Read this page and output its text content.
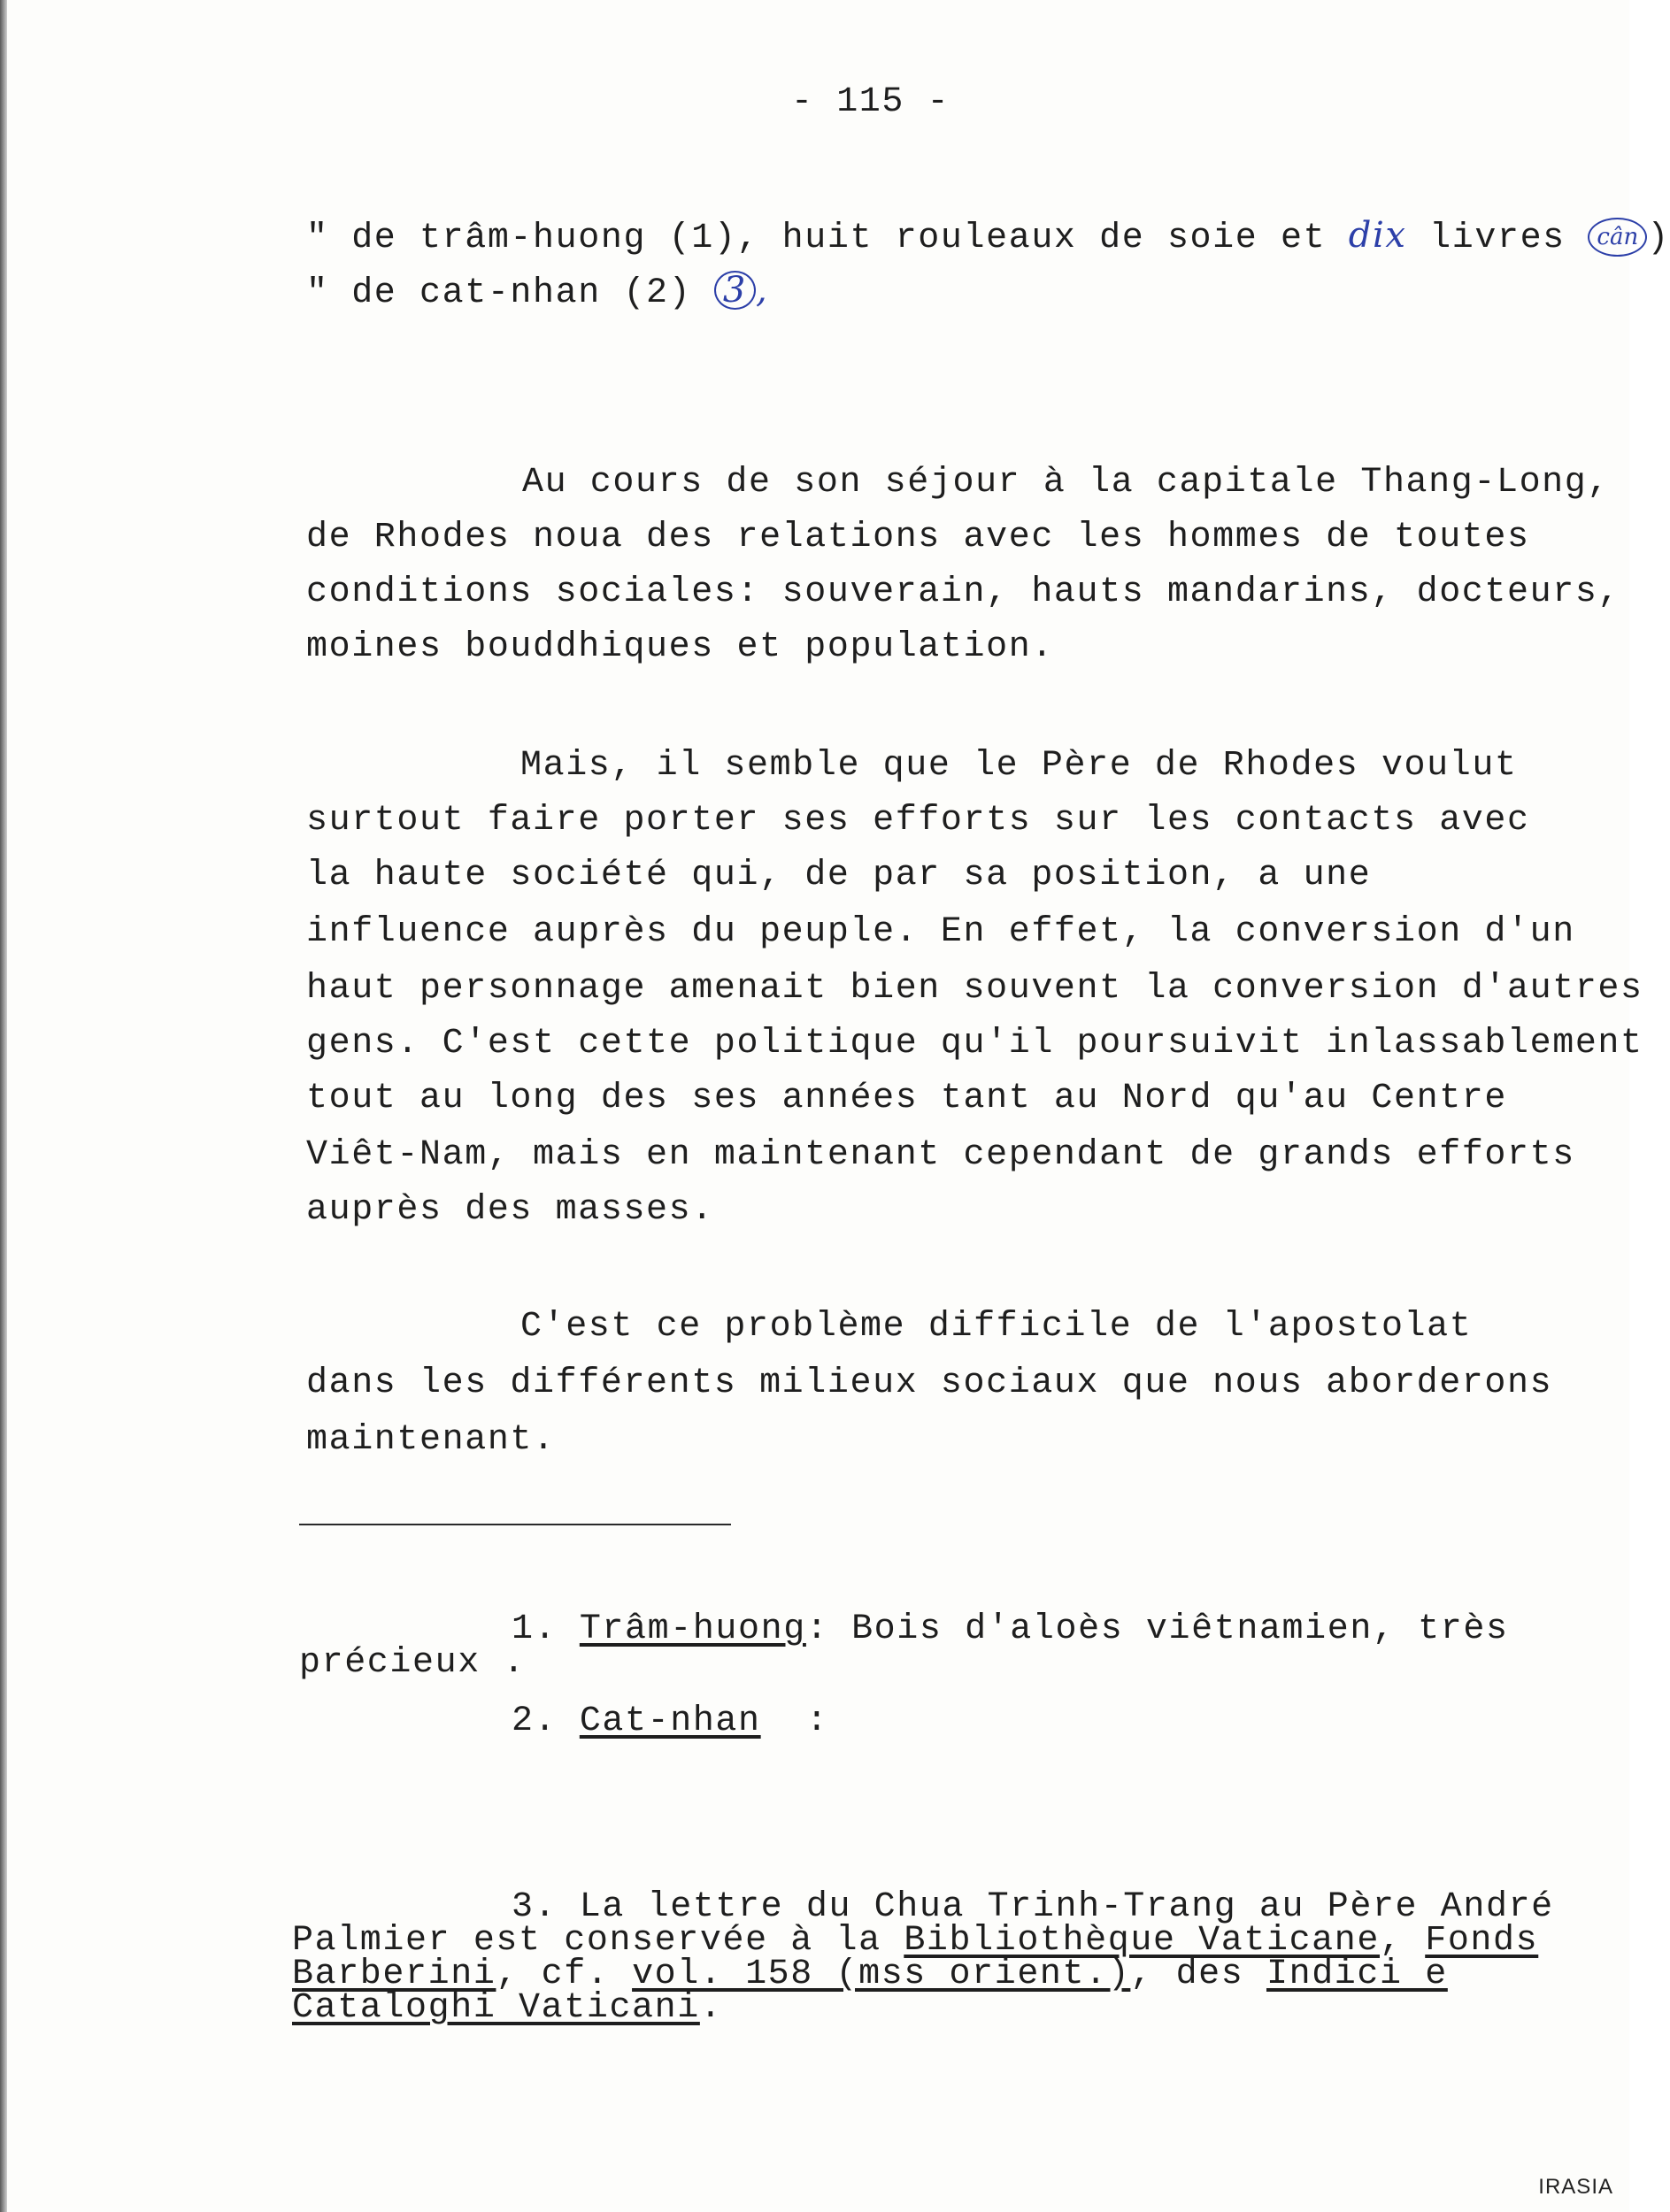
- 115 -
" de trâm-huong (1), huit rouleaux de soie et dix livres cân )
" de cat-nhan (2) 3 ,
Au cours de son séjour à la capitale Thang-Long,
de Rhodes noua des relations avec les hommes de toutes
conditions sociales: souverain, hauts mandarins, docteurs,
moines bouddhiques et population.
Mais, il semble que le Père de Rhodes voulut
surtout faire porter ses efforts sur les contacts avec
la haute société qui, de par sa position, a une
influence auprès du peuple. En effet, la conversion d'un
haut personnage amenait bien souvent la conversion d'autres
gens. C'est cette politique qu'il poursuivit inlassablement
tout au long des ses années tant au Nord qu'au Centre
Viêt-Nam, mais en maintenant cependant de grands efforts
auprès des masses.
C'est ce problème difficile de l'apostolat
dans les différents milieux sociaux que nous aborderons
maintenant.
1. Trâm-huong: Bois d'aloès viêtnamien, très
précieux .
2. Cat-nhan  :
3. La lettre du Chua Trinh-Trang au Père André
Palmier est conservée à la Bibliothèque Vaticane, Fonds
Barberini, cf. vol. 158 (mss orient.), des Indici e
Cataloghi Vaticani.
IRASIA
